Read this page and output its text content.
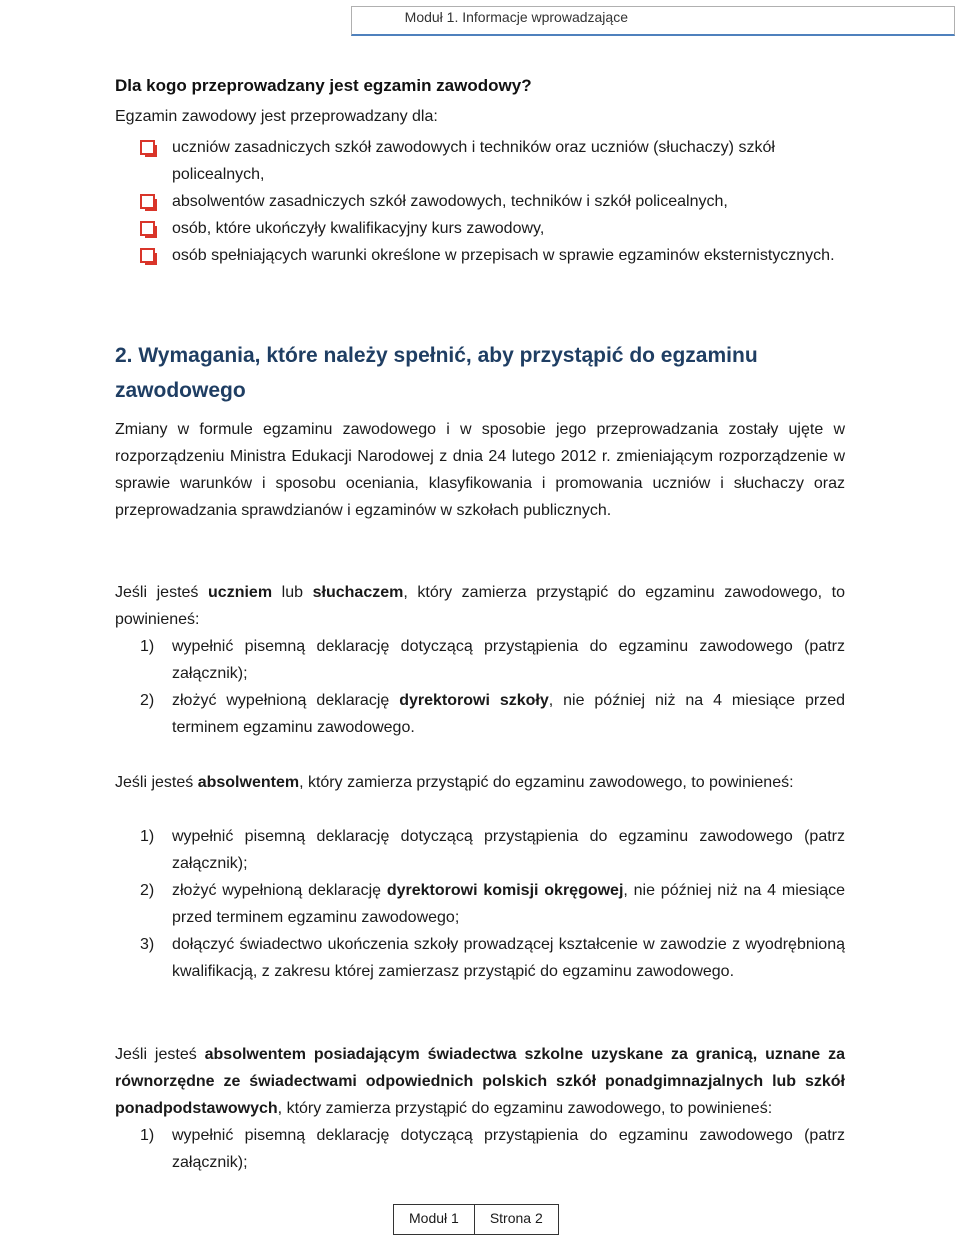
Moduł 1. Informacje wprowadzające
Dla kogo przeprowadzany jest egzamin zawodowy?
Egzamin zawodowy jest przeprowadzany dla:
uczniów zasadniczych szkół zawodowych i techników oraz uczniów (słuchaczy) szkół policealnych,
absolwentów zasadniczych szkół zawodowych, techników i szkół policealnych,
osób, które ukończyły kwalifikacyjny kurs zawodowy,
osób spełniających warunki określone w przepisach w sprawie egzaminów eksternistycznych.
2. Wymagania, które należy spełnić, aby przystąpić do egzaminu zawodowego
Zmiany w formule egzaminu zawodowego i w sposobie jego przeprowadzania zostały ujęte w rozporządzeniu Ministra Edukacji Narodowej z dnia 24 lutego 2012 r. zmieniającym rozporządzenie w sprawie warunków i sposobu oceniania, klasyfikowania i promowania uczniów i słuchaczy oraz przeprowadzania sprawdzianów i egzaminów w szkołach publicznych.
Jeśli jesteś uczniem lub słuchaczem, który zamierza przystąpić do egzaminu zawodowego, to powinieneś:
1) wypełnić pisemną deklarację dotyczącą przystąpienia do egzaminu zawodowego (patrz załącznik);
2) złożyć wypełnioną deklarację dyrektorowi szkoły, nie później niż na 4 miesiące przed terminem egzaminu zawodowego.
Jeśli jesteś absolwentem, który zamierza przystąpić do egzaminu zawodowego, to powinieneś:
1) wypełnić pisemną deklarację dotyczącą przystąpienia do egzaminu zawodowego (patrz załącznik);
2) złożyć wypełnioną deklarację dyrektorowi komisji okręgowej, nie później niż na 4 miesiące przed terminem egzaminu zawodowego;
3) dołączyć świadectwo ukończenia szkoły prowadzącej kształcenie w zawodzie z wyodrębnioną kwalifikacją, z zakresu której zamierzasz przystąpić do egzaminu zawodowego.
Jeśli jesteś absolwentem posiadającym świadectwa szkolne uzyskane za granicą, uznane za równorzędne ze świadectwami odpowiednich polskich szkół ponadgimnazjalnych lub szkół ponadpodstawowych, który zamierza przystąpić do egzaminu zawodowego, to powinieneś:
1) wypełnić pisemną deklarację dotyczącą przystąpienia do egzaminu zawodowego (patrz załącznik);
Moduł 1	Strona 2
